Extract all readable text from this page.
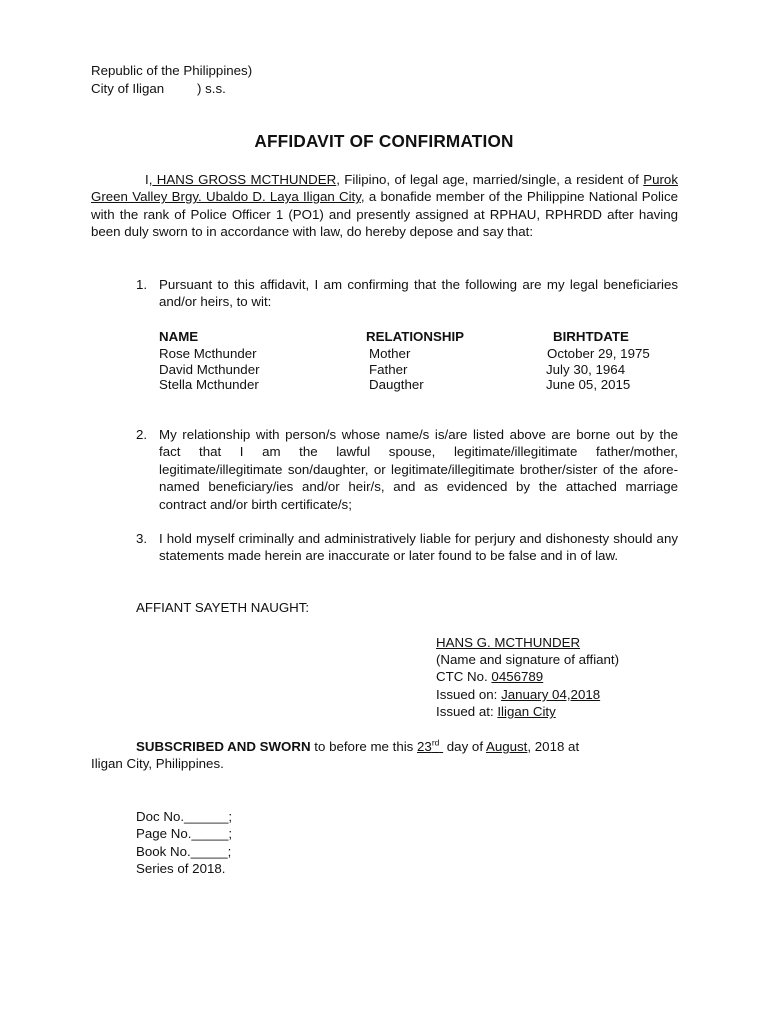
Republic of the Philippines)
City of Iligan ) s.s.
AFFIDAVIT OF CONFIRMATION
I, HANS GROSS MCTHUNDER, Filipino, of legal age, married/single, a resident of Purok Green Valley Brgy. Ubaldo D. Laya Iligan City, a bonafide member of the Philippine National Police with the rank of Police Officer 1 (PO1) and presently assigned at RPHAU, RPHRDD after having been duly sworn to in accordance with law, do hereby depose and say that:
1. Pursuant to this affidavit, I am confirming that the following are my legal beneficiaries and/or heirs, to wit:
NAME	RELATIONSHIP	BIRHTDATE
Rose Mcthunder	Mother	October 29, 1975
David Mcthunder	Father	July 30, 1964
Stella Mcthunder	Daugther	June 05, 2015
2. My relationship with person/s whose name/s is/are listed above are borne out by the fact that I am the lawful spouse, legitimate/illegitimate father/mother, legitimate/illegitimate son/daughter, or legitimate/illegitimate brother/sister of the afore-named beneficiary/ies and/or heir/s, and as evidenced by the attached marriage contract and/or birth certificate/s;
3. I hold myself criminally and administratively liable for perjury and dishonesty should any statements made herein are inaccurate or later found to be false and in of law.
AFFIANT SAYETH NAUGHT:
HANS G. MCTHUNDER
(Name and signature of affiant)
CTC No. 0456789
Issued on: January 04,2018
Issued at: Iligan City
SUBSCRIBED AND SWORN to before me this 23rd  day of August, 2018 at
Iligan City, Philippines.
Doc No.______;
Page No._____;
Book No._____;
Series of 2018.
